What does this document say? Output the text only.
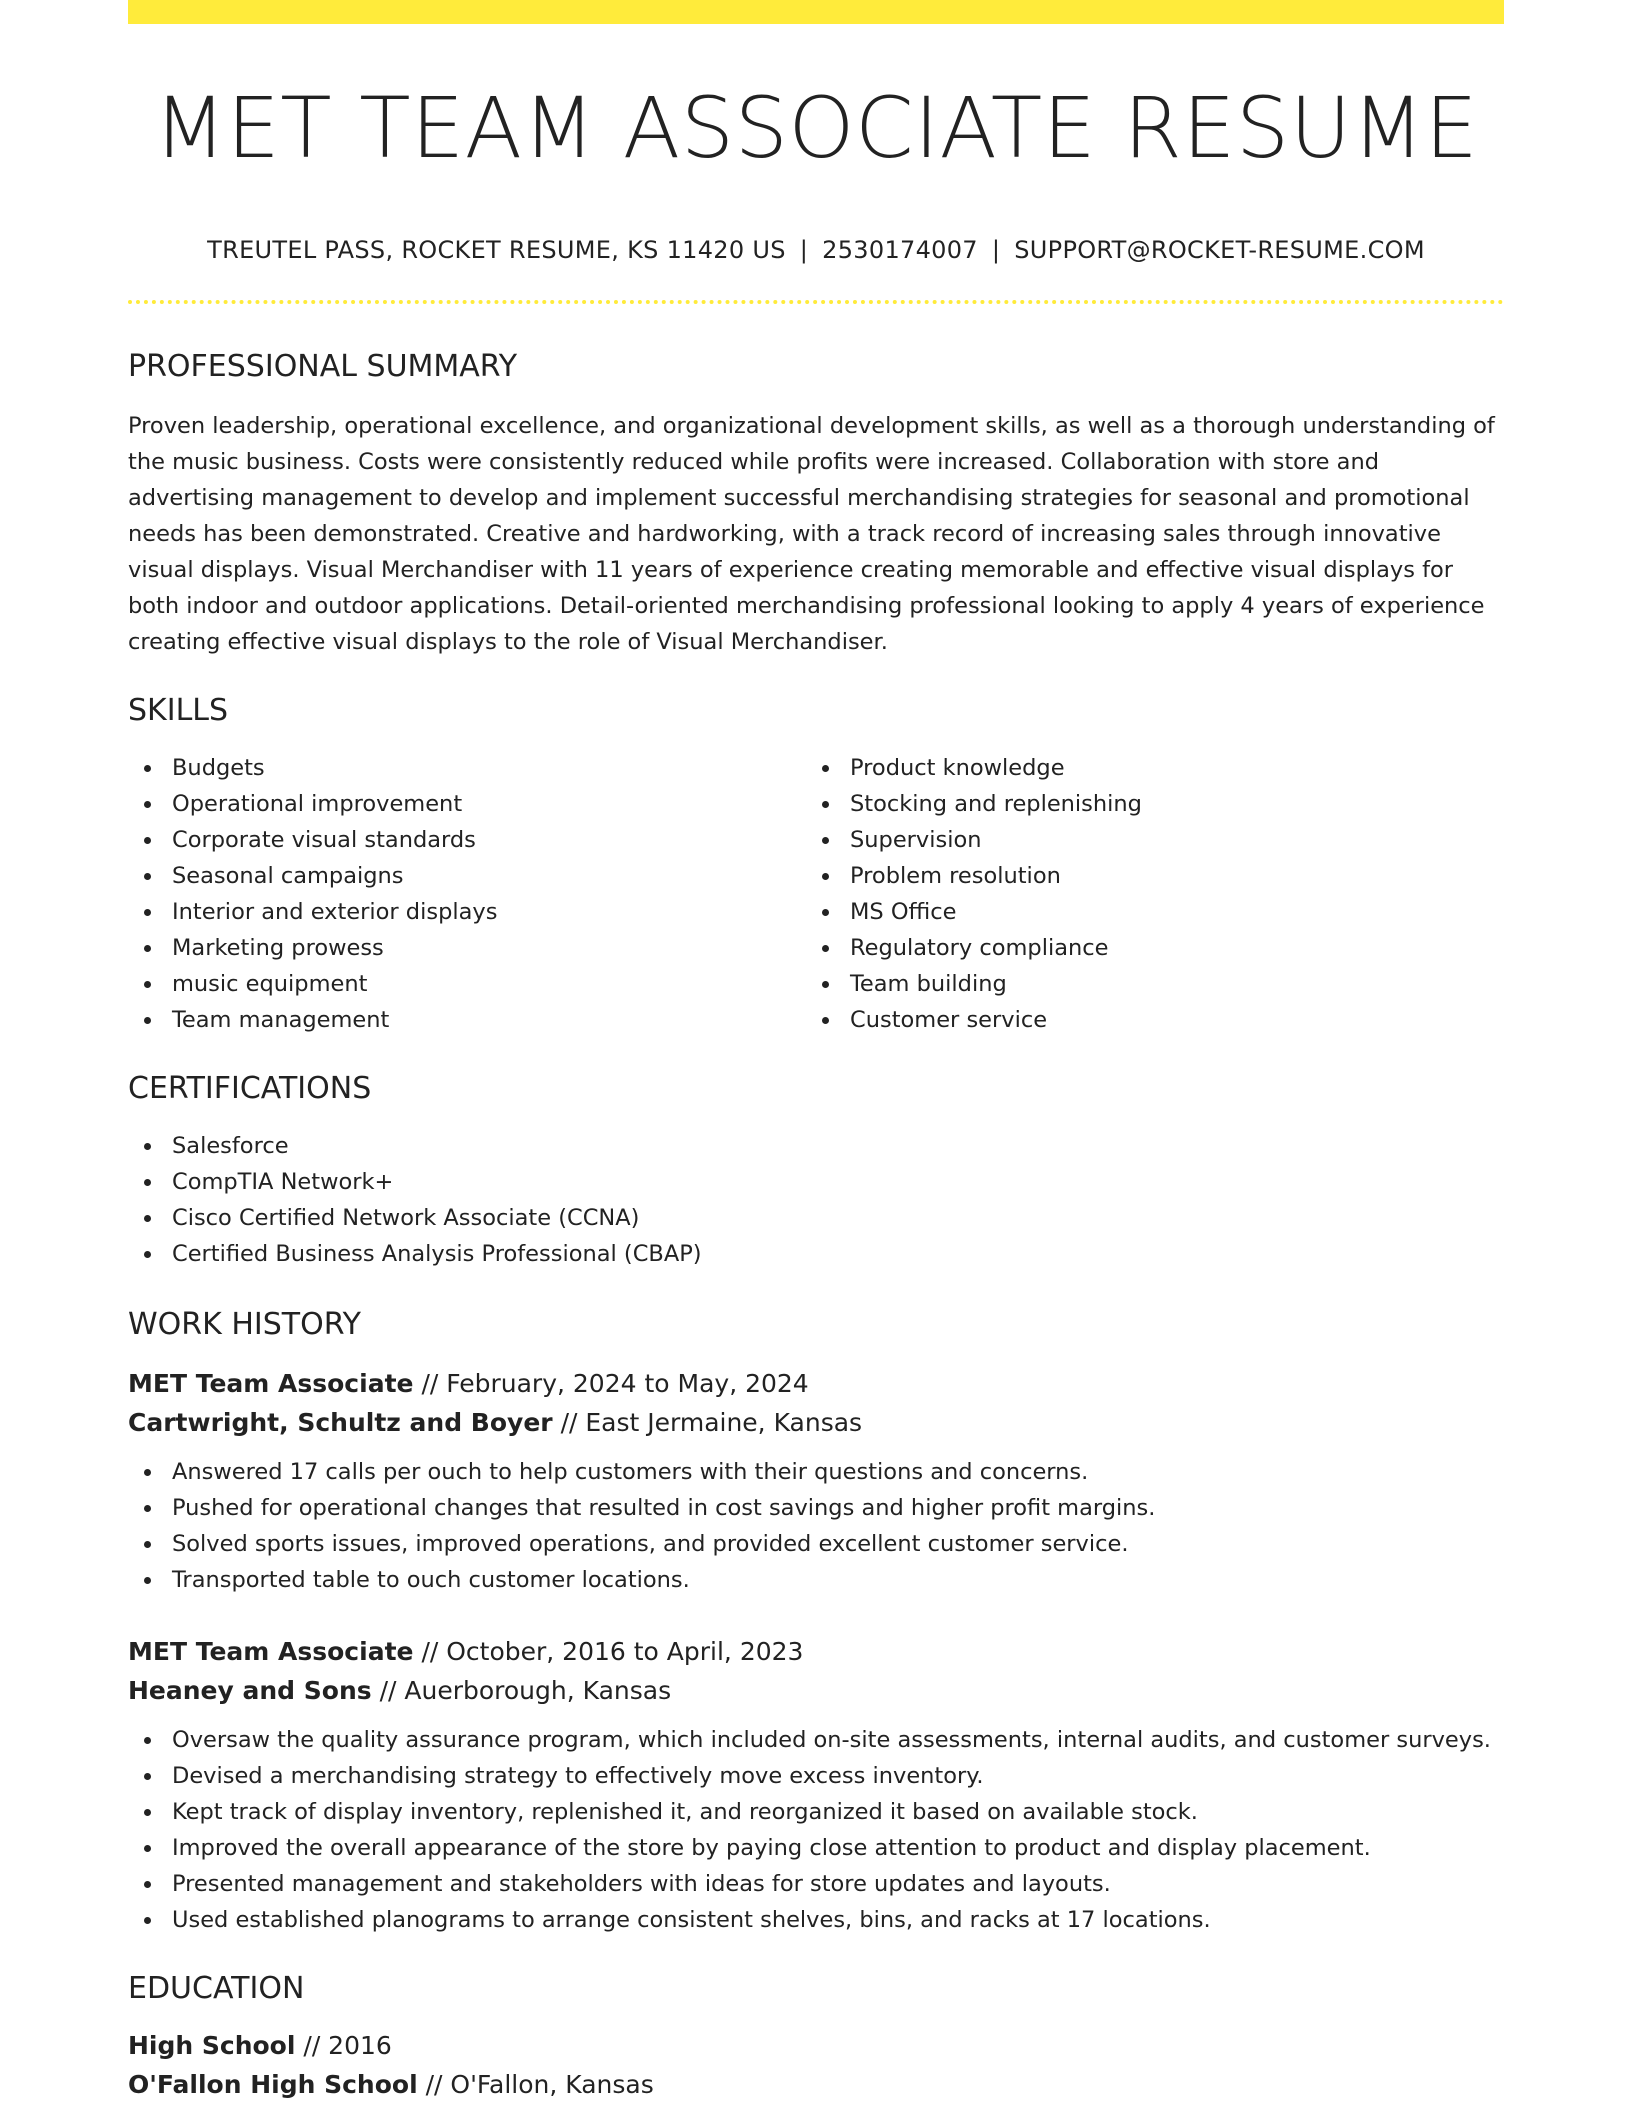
MET TEAM ASSOCIATE RESUME
TREUTEL PASS, ROCKET RESUME, KS 11420 US | 2530174007 | SUPPORT@ROCKET-RESUME.COM
PROFESSIONAL SUMMARY
Proven leadership, operational excellence, and organizational development skills, as well as a thorough understanding of the music business. Costs were consistently reduced while profits were increased. Collaboration with store and advertising management to develop and implement successful merchandising strategies for seasonal and promotional needs has been demonstrated. Creative and hardworking, with a track record of increasing sales through innovative visual displays. Visual Merchandiser with 11 years of experience creating memorable and effective visual displays for both indoor and outdoor applications. Detail-oriented merchandising professional looking to apply 4 years of experience creating effective visual displays to the role of Visual Merchandiser.
SKILLS
Budgets
Operational improvement
Corporate visual standards
Seasonal campaigns
Interior and exterior displays
Marketing prowess
music equipment
Team management
Product knowledge
Stocking and replenishing
Supervision
Problem resolution
MS Office
Regulatory compliance
Team building
Customer service
CERTIFICATIONS
Salesforce
CompTIA Network+
Cisco Certified Network Associate (CCNA)
Certified Business Analysis Professional (CBAP)
WORK HISTORY
MET Team Associate // February, 2024 to May, 2024
Cartwright, Schultz and Boyer // East Jermaine, Kansas
Answered 17 calls per ouch to help customers with their questions and concerns.
Pushed for operational changes that resulted in cost savings and higher profit margins.
Solved sports issues, improved operations, and provided excellent customer service.
Transported table to ouch customer locations.
MET Team Associate // October, 2016 to April, 2023
Heaney and Sons // Auerborough, Kansas
Oversaw the quality assurance program, which included on-site assessments, internal audits, and customer surveys.
Devised a merchandising strategy to effectively move excess inventory.
Kept track of display inventory, replenished it, and reorganized it based on available stock.
Improved the overall appearance of the store by paying close attention to product and display placement.
Presented management and stakeholders with ideas for store updates and layouts.
Used established planograms to arrange consistent shelves, bins, and racks at 17 locations.
EDUCATION
High School // 2016
O'Fallon High School // O'Fallon, Kansas
